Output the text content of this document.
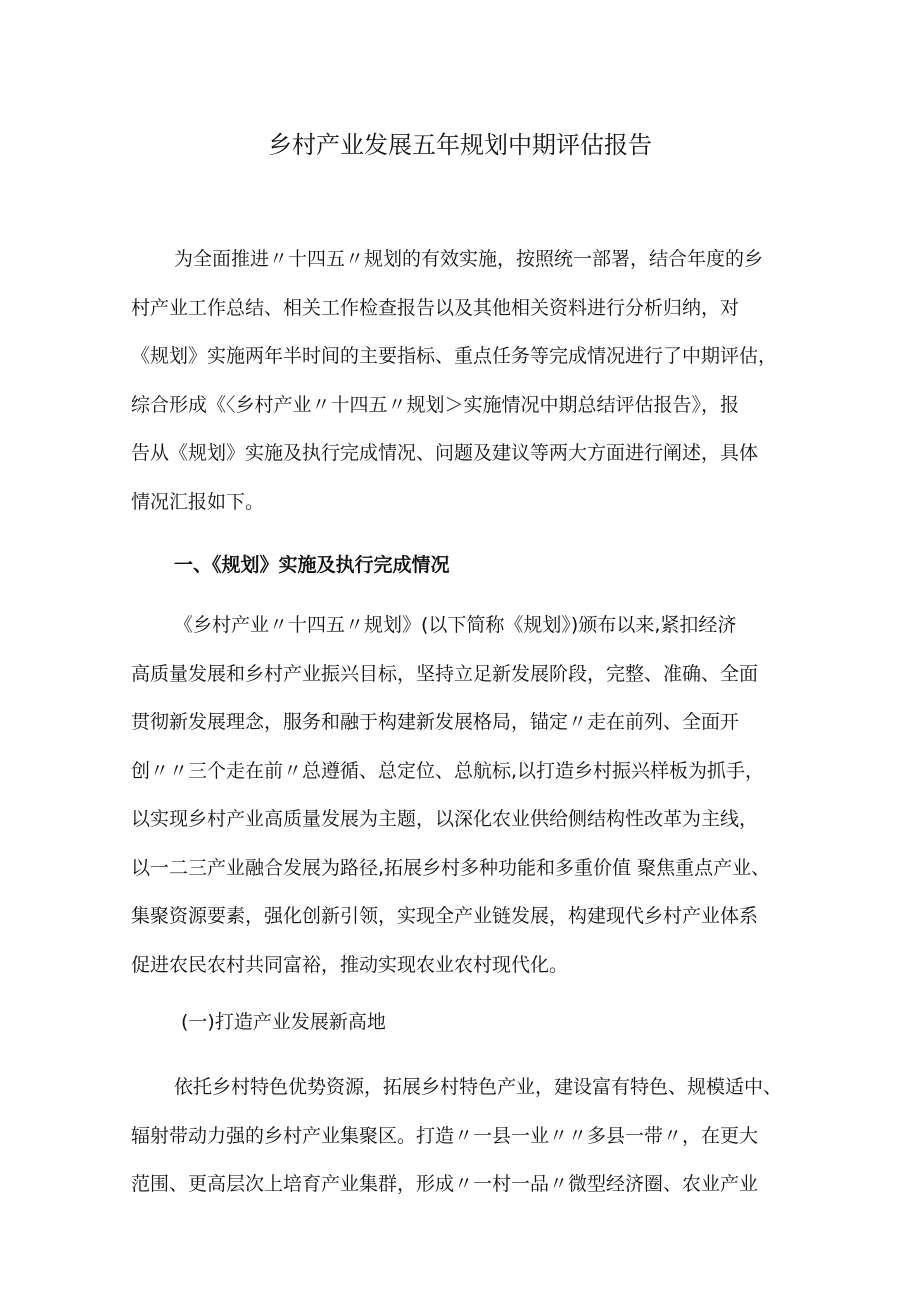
乡村产业发展五年规划中期评估报告
为全面推进〃十四五〃规划的有效实施，按照统一部署，结合年度的乡
村产业工作总结、相关工作检查报告以及其他相关资料进行分析归纳，对
《规划》实施两年半时间的主要指标、重点任务等完成情况进行了中期评估，
综合形成《〈乡村产业〃十四五〃规划＞实施情况中期总结评估报告》，报
告从《规划》实施及执行完成情况、问题及建议等两大方面进行阐述，具体
情况汇报如下。
一、《规划》实施及执行完成情况
《乡村产业〃十四五〃规划》(以下简称《规划》)颁布以来,紧扣经济
高质量发展和乡村产业振兴目标，坚持立足新发展阶段，完整、准确、全面
贯彻新发展理念，服务和融于构建新发展格局，锚定〃走在前列、全面开
创〃〃三个走在前〃总遵循、总定位、总航标,以打造乡村振兴样板为抓手，
以实现乡村产业高质量发展为主题，以深化农业供给侧结构性改革为主线，
以一二三产业融合发展为路径,拓展乡村多种功能和多重价值 聚焦重点产业、
集聚资源要素，强化创新引领，实现全产业链发展，构建现代乡村产业体系
促进农民农村共同富裕，推动实现农业农村现代化。
(一)打造产业发展新高地
依托乡村特色优势资源，拓展乡村特色产业，建设富有特色、规模适中、
辐射带动力强的乡村产业集聚区。打造〃一县一业〃〃多县一带〃，在更大
范围、更高层次上培育产业集群，形成〃一村一品〃微型经济圈、农业产业
